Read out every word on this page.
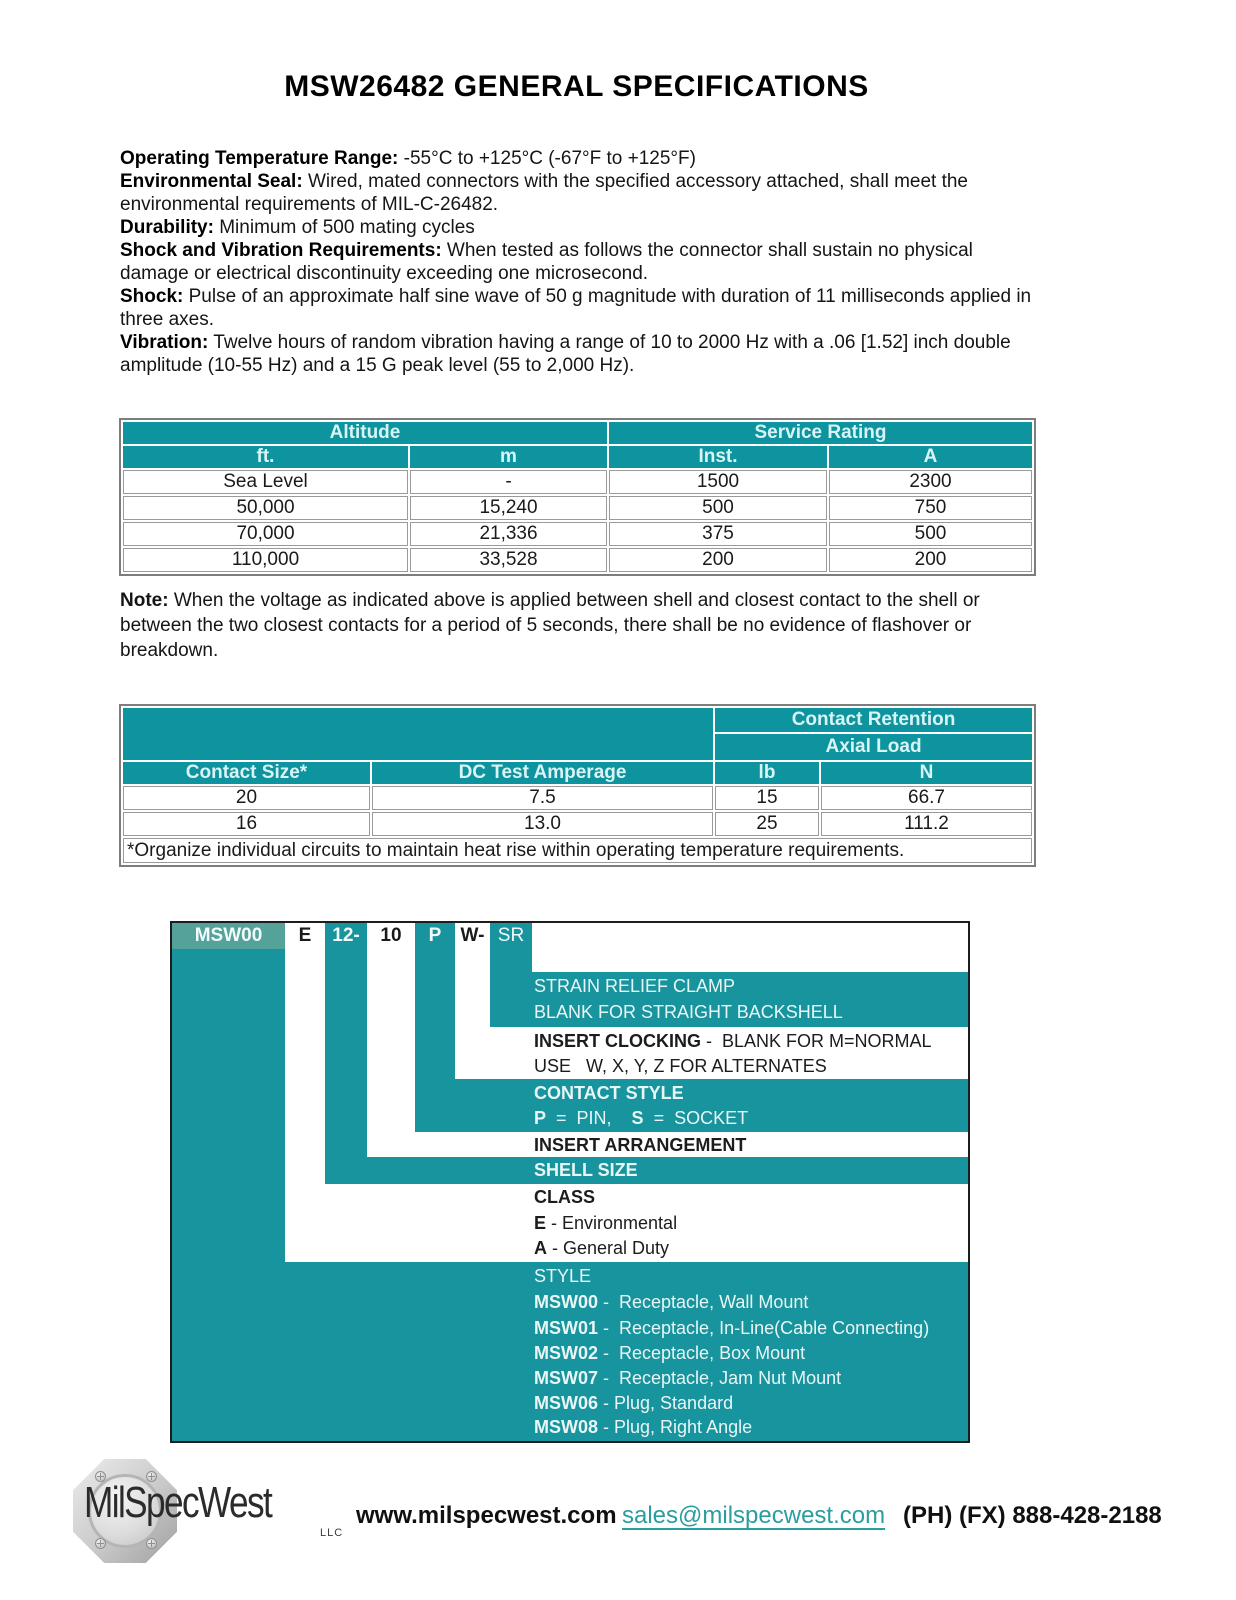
MSW26482 GENERAL SPECIFICATIONS

Operating Temperature Range: -55°C to +125°C (-67°F to +125°F)

Environmental Seal: Wired, mated connectors with the specified accessory attached, shall meet the environmental requirements of MIL-C-26482.

Durability: Minimum of 500 mating cycles

Shock and Vibration Requirements: When tested as follows the connector shall sustain no physical damage or electrical discontinuity exceeding one microsecond.

Shock: Pulse of an approximate half sine wave of 50 g magnitude with duration of 11 milliseconds applied in three axes.

Vibration: Twelve hours of random vibration having a range of 10 to 2000 Hz with a .06 [1.52] inch double amplitude (10-55 Hz) and a 15 G peak level (55 to 2,000 Hz).

Altitude		Service Rating	
ft.	m	Inst.	A
Sea Level	-	1500	2300
50,000	15,240	500	750
70,000	21,336	375	500
110,000	33,528	200	200

Note: When the voltage as indicated above is applied between shell and closest contact to the shell or between the two closest contacts for a period of 5 seconds, there shall be no evidence of flashover or breakdown.

		Contact Retention	
		Axial Load	
Contact Size*	DC Test Amperage	lb	N
20	7.5	15	66.7
16	13.0	25	111.2
*Organize individual circuits to maintain heat rise within operating temperature requirements.			
MSW00	E	12-	10	P	W- SR
STRAIN RELIEF CLAMP
BLANK FOR STRAIGHT BACKSHELL
INSERT CLOCKING -  BLANK FOR M=NORMAL
USE   W, X, Y, Z FOR ALTERNATES
CONTACT STYLE
P  =  PIN,    S  =  SOCKET
INSERT ARRANGEMENT
SHELL SIZE
CLASS
E - Environmental
A - General Duty
STYLE
MSW00 -  Receptacle, Wall Mount
MSW01 -  Receptacle, In-Line(Cable Connecting)
MSW02 -  Receptacle, Box Mount
MSW07 -  Receptacle, Jam Nut Mount
MSW06 - Plug, Standard
MSW08 - Plug, Right Angle
MilSpecWest
LLC
www.milspecwest.com sales@milspecwest.com (PH) (FX) 888-428-2188
